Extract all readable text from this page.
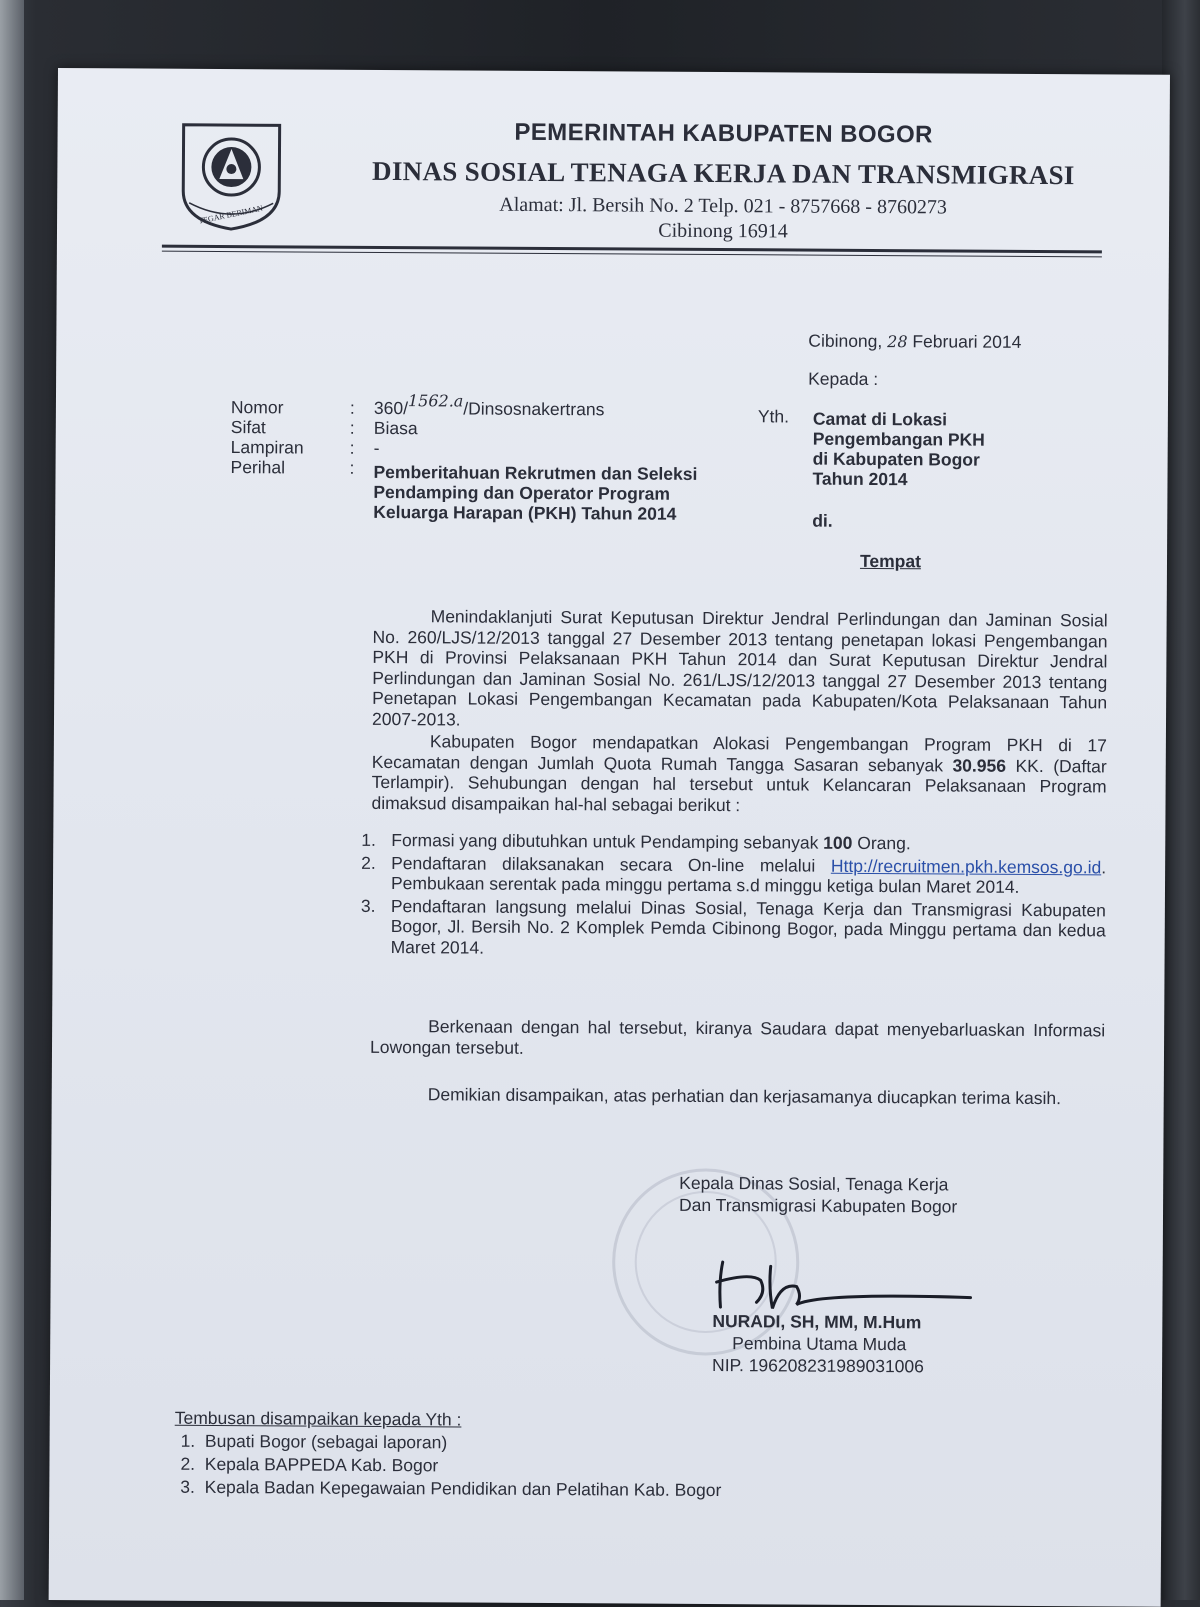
TEGAR BERIMAN
PEMERINTAH KABUPATEN BOGOR
DINAS SOSIAL TENAGA KERJA DAN TRANSMIGRASI
Alamat: Jl. Bersih No. 2 Telp. 021 - 8757668 - 8760273
Cibinong 16914
Cibinong, 28 Februari 2014
Kepada :
Nomor	: 360/1562.a/Dinsosnakertrans
Sifat	: Biasa
Lampiran	: -
Perihal	: Pemberitahuan Rekrutmen dan Seleksi
Pendamping dan Operator Program
Keluarga Harapan (PKH) Tahun 2014
Yth. Camat di Lokasi
Pengembangan PKH
di Kabupaten Bogor
Tahun 2014
di.
Tempat
Menindaklanjuti Surat Keputusan Direktur Jendral Perlindungan dan Jaminan Sosial No. 260/LJS/12/2013 tanggal 27 Desember 2013 tentang penetapan lokasi Pengembangan PKH di Provinsi Pelaksanaan PKH Tahun 2014 dan Surat Keputusan Direktur Jendral Perlindungan dan Jaminan Sosial No. 261/LJS/12/2013 tanggal 27 Desember 2013 tentang Penetapan Lokasi Pengembangan Kecamatan pada Kabupaten/Kota Pelaksanaan Tahun 2007-2013.
Kabupaten Bogor mendapatkan Alokasi Pengembangan Program PKH di 17 Kecamatan dengan Jumlah Quota Rumah Tangga Sasaran sebanyak 30.956 KK. (Daftar Terlampir). Sehubungan dengan hal tersebut untuk Kelancaran Pelaksanaan Program dimaksud disampaikan hal-hal sebagai berikut :
1. Formasi yang dibutuhkan untuk Pendamping sebanyak 100 Orang.
2. Pendaftaran dilaksanakan secara On-line melalui Http://recruitmen.pkh.kemsos.go.id. Pembukaan serentak pada minggu pertama s.d minggu ketiga bulan Maret 2014.
3. Pendaftaran langsung melalui Dinas Sosial, Tenaga Kerja dan Transmigrasi Kabupaten Bogor, Jl. Bersih No. 2 Komplek Pemda Cibinong Bogor, pada Minggu pertama dan kedua Maret 2014.
Berkenaan dengan hal tersebut, kiranya Saudara dapat menyebarluaskan Informasi Lowongan tersebut.
Demikian disampaikan, atas perhatian dan kerjasamanya diucapkan terima kasih.
Kepala Dinas Sosial, Tenaga Kerja
Dan Transmigrasi Kabupaten Bogor
NURADI, SH, MM, M.Hum
Pembina Utama Muda
NIP. 196208231989031006
Tembusan disampaikan kepada Yth :
1. Bupati Bogor (sebagai laporan)
2. Kepala BAPPEDA Kab. Bogor
3. Kepala Badan Kepegawaian Pendidikan dan Pelatihan Kab. Bogor
